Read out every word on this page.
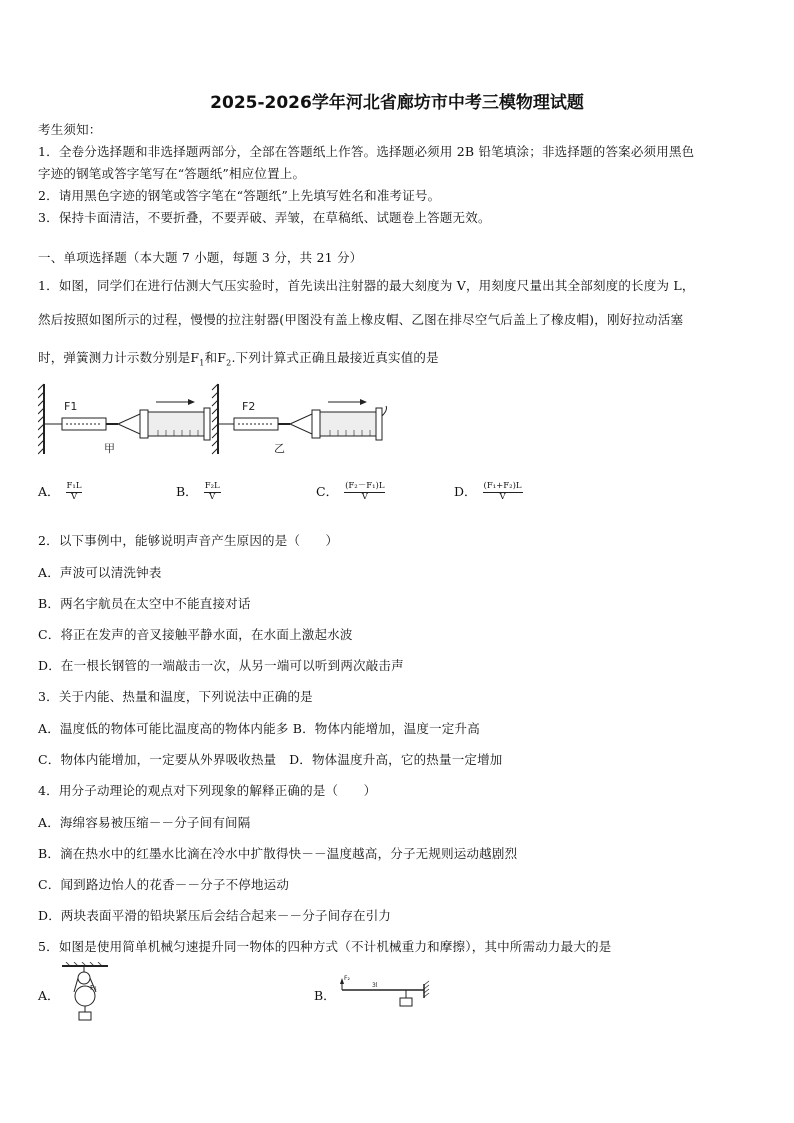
2025-2026学年河北省廊坊市中考三模物理试题
考生须知：
1．全卷分选择题和非选择题两部分，全部在答题纸上作答。选择题必须用 2B 铅笔填涂；非选择题的答案必须用黑色
字迹的钢笔或答字笔写在“答题纸”相应位置上。
2．请用黑色字迹的钢笔或答字笔在“答题纸”上先填写姓名和准考证号。
3．保持卡面清洁，不要折叠，不要弄破、弄皱，在草稿纸、试题卷上答题无效。
一、单项选择题（本大题 7 小题，每题 3 分，共 21 分）
1．如图，同学们在进行估测大气压实验时，首先读出注射器的最大刻度为 V，用刻度尺量出其全部刻度的长度为 L，
然后按照如图所示的过程，慢慢的拉注射器(甲图没有盖上橡皮帽、乙图在排尽空气后盖上了橡皮帽)，刚好拉动活塞
时，弹簧测力计示数分别是$F_1$和$F_2$.下列计算式正确且最接近真实值的是
F1
甲
F2
乙
A． $\frac{\text{F₁L}}{V}$	B． $\frac{\text{F₂L}}{V}$	C． $\frac{\text{(F₂－F₁)L}}{V}$	D． $\frac{\text{(F₁+F₂)L}}{V}$
2．以下事例中，能够说明声音产生原因的是（　　）
A．声波可以清洗钟表
B．两名宇航员在太空中不能直接对话
C．将正在发声的音叉接触平静水面，在水面上激起水波
D．在一根长钢管的一端敲击一次，从另一端可以听到两次敲击声
3．关于内能、热量和温度，下列说法中正确的是
A．温度低的物体可能比温度高的物体内能多 B．物体内能增加，温度一定升高
C．物体内能增加，一定要从外界吸收热量　D．物体温度升高，它的热量一定增加
4．用分子动理论的观点对下列现象的解释正确的是（　　）
A．海绵容易被压缩－－分子间有间隔
B．滴在热水中的红墨水比滴在冷水中扩散得快－－温度越高，分子无规则运动越剧烈
C．闻到路边怡人的花香－－分子不停地运动
D．两块表面平滑的铅块紧压后会结合起来－－分子间存在引力
5．如图是使用简单机械匀速提升同一物体的四种方式（不计机械重力和摩擦），其中所需动力最大的是
A．	F₁	B．
F₂
3l
